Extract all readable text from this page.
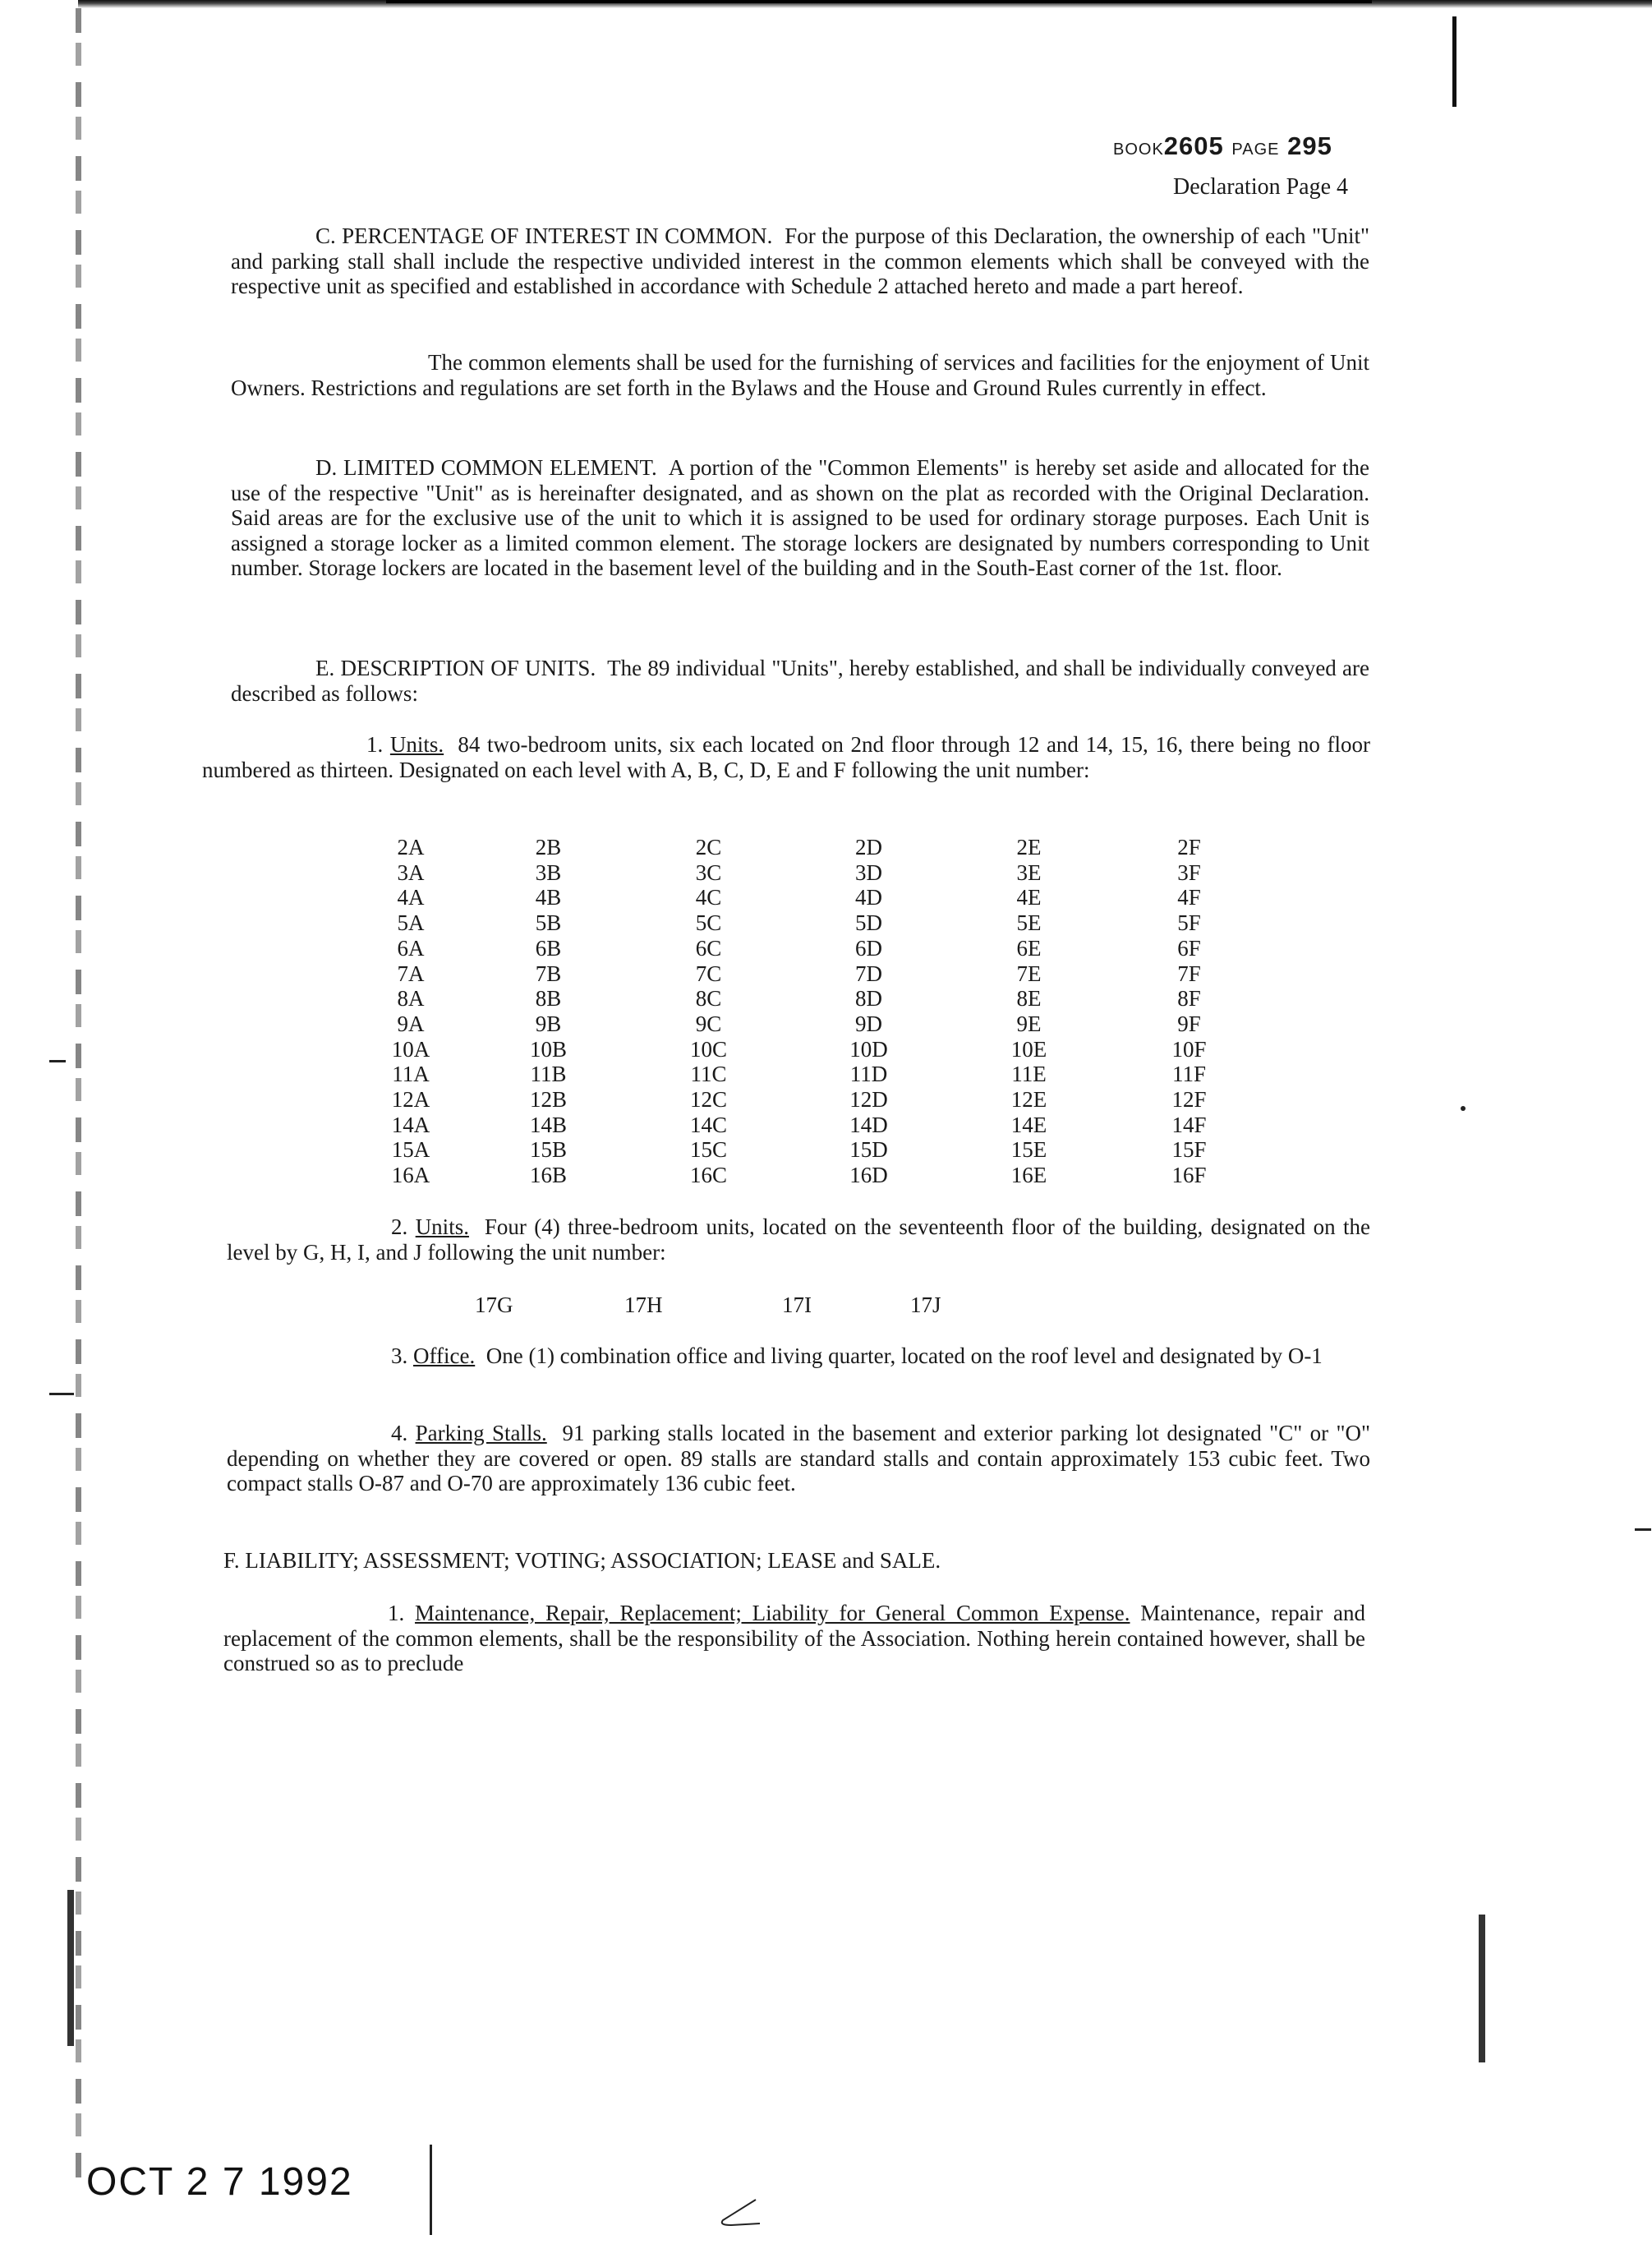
BOOK2605 PAGE 295
Declaration Page 4

C. PERCENTAGE OF INTEREST IN COMMON. For the purpose of this Declaration, the ownership of each "Unit" and parking stall shall include the respective undivided interest in the common elements which shall be conveyed with the respective unit as specified and established in accordance with Schedule 2 attached hereto and made a part hereof.

The common elements shall be used for the furnishing of services and facilities for the enjoyment of Unit Owners. Restrictions and regulations are set forth in the Bylaws and the House and Ground Rules currently in effect.

D. LIMITED COMMON ELEMENT. A portion of the "Common Elements" is hereby set aside and allocated for the use of the respective "Unit" as is hereinafter designated, and as shown on the plat as recorded with the Original Declaration. Said areas are for the exclusive use of the unit to which it is assigned to be used for ordinary storage purposes. Each Unit is assigned a storage locker as a limited common element. The storage lockers are designated by numbers corresponding to Unit number. Storage lockers are located in the basement level of the building and in the South-East corner of the 1st. floor.

E. DESCRIPTION OF UNITS. The 89 individual "Units", hereby established, and shall be individually conveyed are described as follows:

1. Units. 84 two-bedroom units, six each located on 2nd floor through 12 and 14, 15, 16, there being no floor numbered as thirteen. Designated on each level with A, B, C, D, E and F following the unit number:

2A	2B	2C	2D	2E	2F
3A	3B	3C	3D	3E	3F
4A	4B	4C	4D	4E	4F
5A	5B	5C	5D	5E	5F
6A	6B	6C	6D	6E	6F
7A	7B	7C	7D	7E	7F
8A	8B	8C	8D	8E	8F
9A	9B	9C	9D	9E	9F
10A	10B	10C	10D	10E	10F
11A	11B	11C	11D	11E	11F
12A	12B	12C	12D	12E	12F
14A	14B	14C	14D	14E	14F
15A	15B	15C	15D	15E	15F
16A	16B	16C	16D	16E	16F

2. Units. Four (4) three-bedroom units, located on the seventeenth floor of the building, designated on the level by G, H, I, and J following the unit number:

17G	17H	17I	17J

3. Office. One (1) combination office and living quarter, located on the roof level and designated by O-1

4. Parking Stalls. 91 parking stalls located in the basement and exterior parking lot designated "C" or "O" depending on whether they are covered or open. 89 stalls are standard stalls and contain approximately 153 cubic feet. Two compact stalls O-87 and O-70 are approximately 136 cubic feet.

F. LIABILITY; ASSESSMENT; VOTING; ASSOCIATION; LEASE and SALE.

1. Maintenance, Repair, Replacement; Liability for General Common Expense. Maintenance, repair and replacement of the common elements, shall be the responsibility of the Association. Nothing herein contained however, shall be construed so as to preclude

OCT 2 7 1992
